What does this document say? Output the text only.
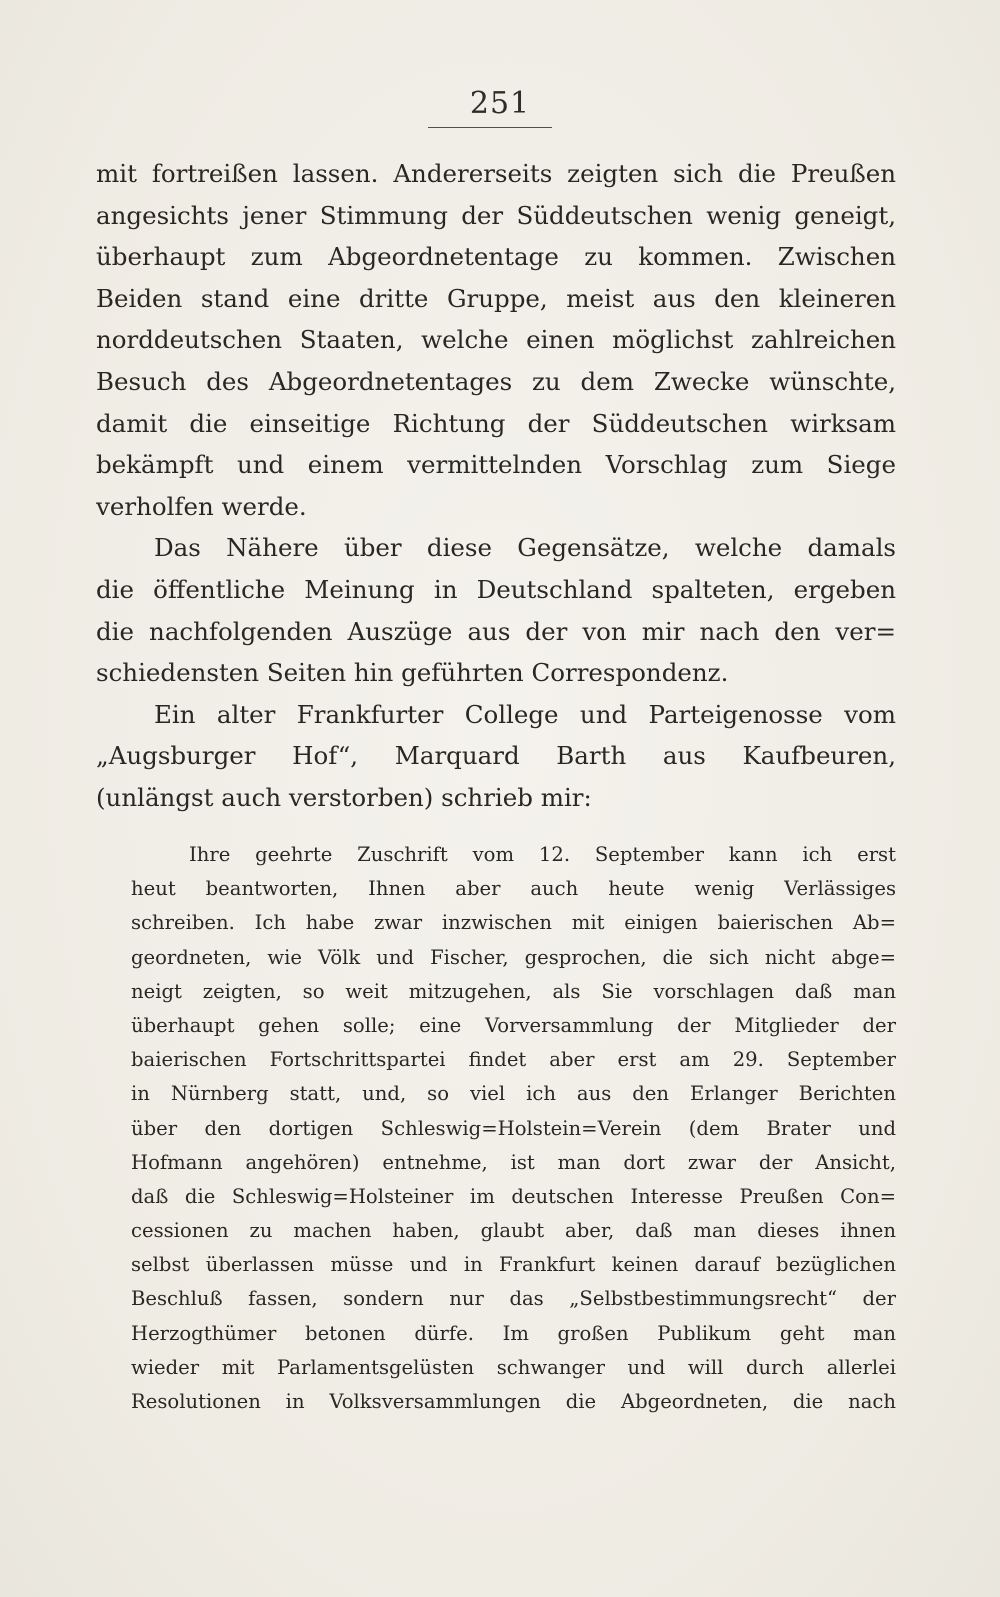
251
mit fortreißen lassen. Andererseits zeigten sich die Preußen
angesichts jener Stimmung der Süddeutschen wenig geneigt,
überhaupt zum Abgeordnetentage zu kommen. Zwischen
Beiden stand eine dritte Gruppe, meist aus den kleineren
norddeutschen Staaten, welche einen möglichst zahlreichen
Besuch des Abgeordnetentages zu dem Zwecke wünschte,
damit die einseitige Richtung der Süddeutschen wirksam
bekämpft und einem vermittelnden Vorschlag zum Siege
verholfen werde.
Das Nähere über diese Gegensätze, welche damals
die öffentliche Meinung in Deutschland spalteten, ergeben
die nachfolgenden Auszüge aus der von mir nach den ver=
schiedensten Seiten hin geführten Correspondenz.
Ein alter Frankfurter College und Parteigenosse vom
„Augsburger Hof“, Marquard Barth aus Kaufbeuren,
(unlängst auch verstorben) schrieb mir:
Ihre geehrte Zuschrift vom 12. September kann ich erst
heut beantworten, Ihnen aber auch heute wenig Verlässiges
schreiben. Ich habe zwar inzwischen mit einigen baierischen Ab=
geordneten, wie Völk und Fischer, gesprochen, die sich nicht abge=
neigt zeigten, so weit mitzugehen, als Sie vorschlagen daß man
überhaupt gehen solle; eine Vorversammlung der Mitglieder der
baierischen Fortschrittspartei findet aber erst am 29. September
in Nürnberg statt, und, so viel ich aus den Erlanger Berichten
über den dortigen Schleswig=Holstein=Verein (dem Brater und
Hofmann angehören) entnehme, ist man dort zwar der Ansicht,
daß die Schleswig=Holsteiner im deutschen Interesse Preußen Con=
cessionen zu machen haben, glaubt aber, daß man dieses ihnen
selbst überlassen müsse und in Frankfurt keinen darauf bezüglichen
Beschluß fassen, sondern nur das „Selbstbestimmungsrecht“ der
Herzogthümer betonen dürfe. Im großen Publikum geht man
wieder mit Parlamentsgelüsten schwanger und will durch allerlei
Resolutionen in Volksversammlungen die Abgeordneten, die nach
